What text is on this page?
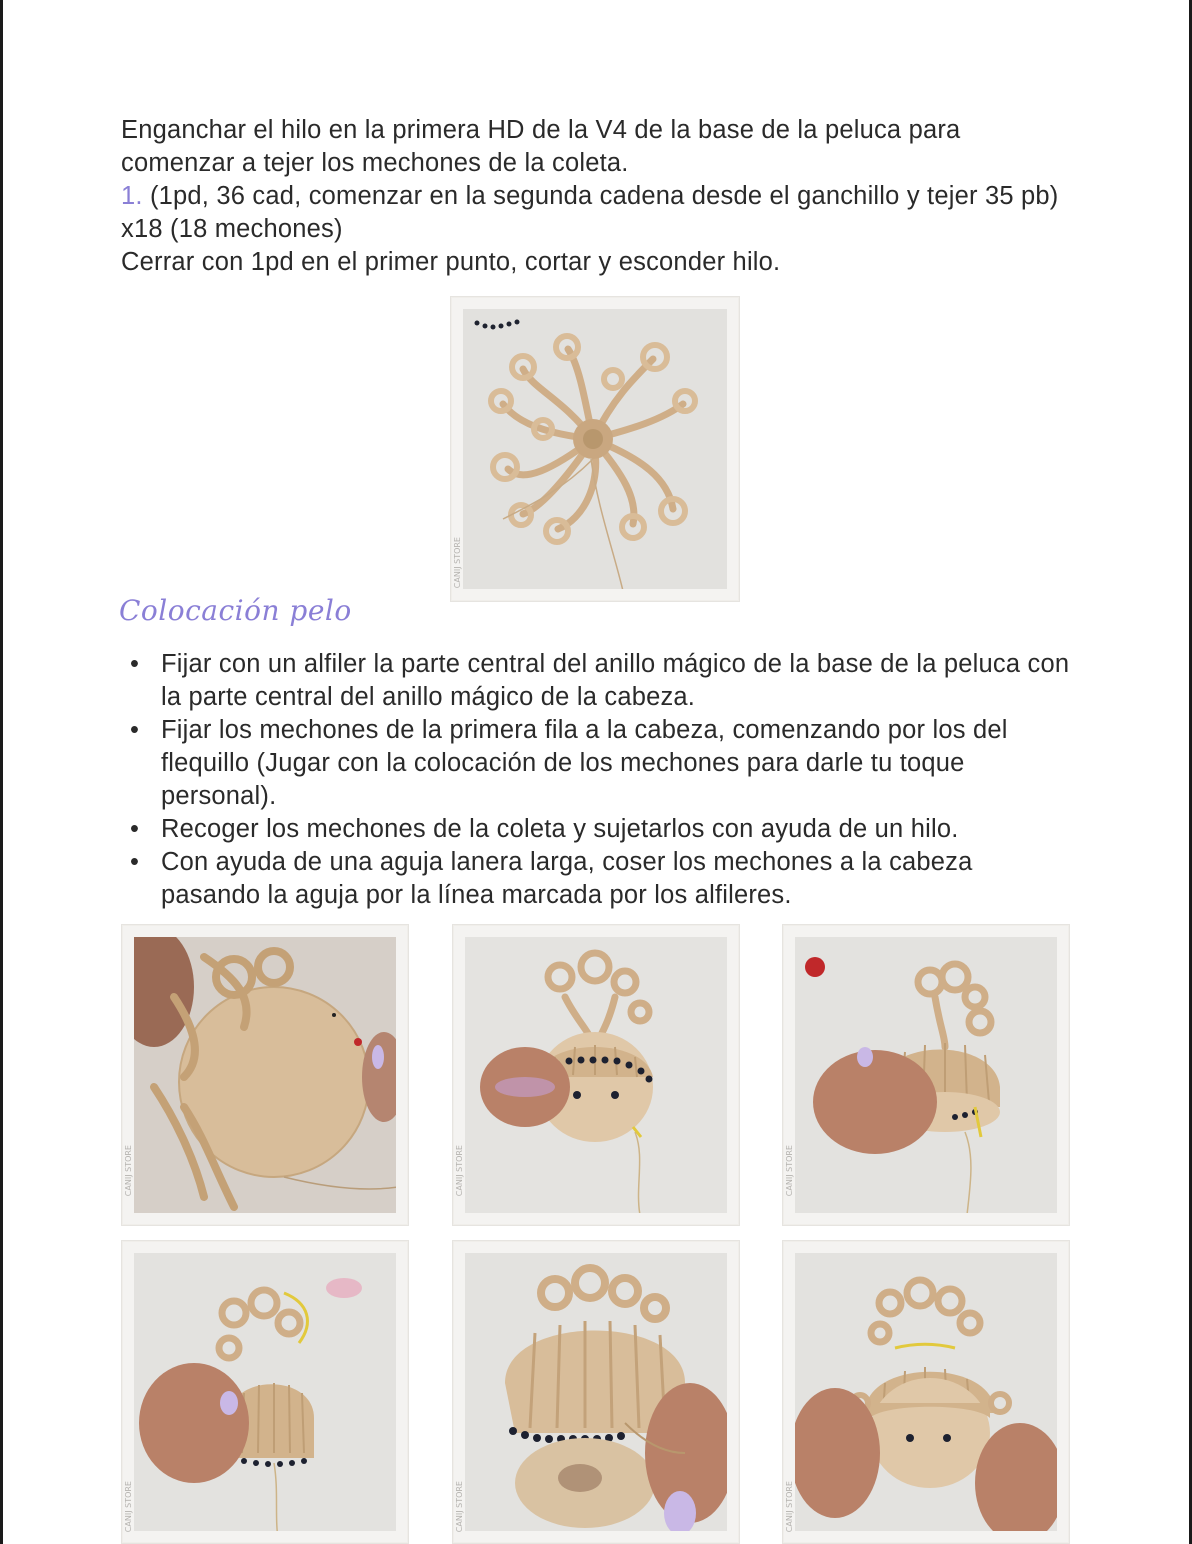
Enganchar el hilo en la primera HD de la V4 de la base de la peluca para comenzar a tejer los mechones de la coleta.

1. (1pd, 36 cad, comenzar en la segunda cadena desde el ganchillo y tejer 35 pb) x18 (18 mechones)

Cerrar con 1pd en el primer punto, cortar y esconder hilo.

CANIJ STORE
Colocación pelo
• Fijar con un alfiler la parte central del anillo mágico de la base de la peluca con la parte central del anillo mágico de la cabeza.
• Fijar los mechones de la primera fila a la cabeza, comenzando por los del flequillo (Jugar con la colocación de los mechones para darle tu toque personal).
• Recoger los mechones de la coleta y sujetarlos con ayuda de un hilo.
• Con ayuda de una aguja lanera larga, coser los mechones a la cabeza pasando la aguja por la línea marcada por los alfileres.
CANIJ STORE	CANIJ STORE	CANIJ STORE
CANIJ STORE	CANIJ STORE	CANIJ STORE
